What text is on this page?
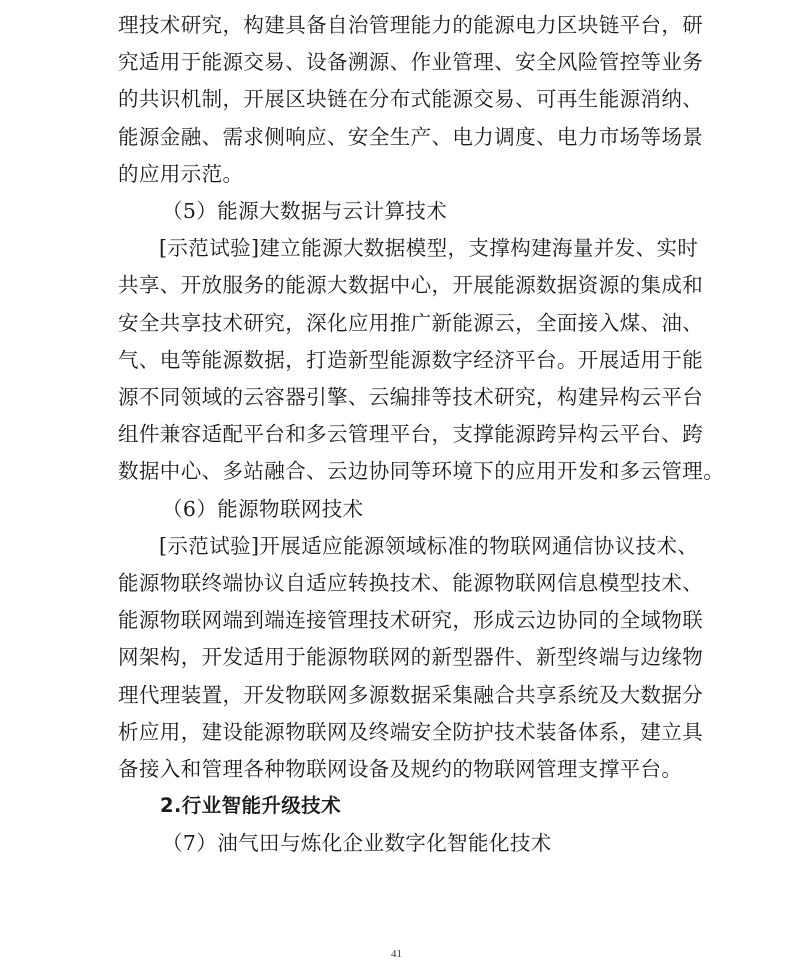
理技术研究，构建具备自治管理能力的能源电力区块链平台，研
究适用于能源交易、设备溯源、作业管理、安全风险管控等业务
的共识机制，开展区块链在分布式能源交易、可再生能源消纳、
能源金融、需求侧响应、安全生产、电力调度、电力市场等场景
的应用示范。
（5）能源大数据与云计算技术
[示范试验]建立能源大数据模型，支撑构建海量并发、实时
共享、开放服务的能源大数据中心，开展能源数据资源的集成和
安全共享技术研究，深化应用推广新能源云，全面接入煤、油、
气、电等能源数据，打造新型能源数字经济平台。开展适用于能
源不同领域的云容器引擎、云编排等技术研究，构建异构云平台
组件兼容适配平台和多云管理平台，支撑能源跨异构云平台、跨
数据中心、多站融合、云边协同等环境下的应用开发和多云管理。
（6）能源物联网技术
[示范试验]开展适应能源领域标准的物联网通信协议技术、
能源物联终端协议自适应转换技术、能源物联网信息模型技术、
能源物联网端到端连接管理技术研究，形成云边协同的全域物联
网架构，开发适用于能源物联网的新型器件、新型终端与边缘物
理代理装置，开发物联网多源数据采集融合共享系统及大数据分
析应用，建设能源物联网及终端安全防护技术装备体系，建立具
备接入和管理各种物联网设备及规约的物联网管理支撑平台。
41
2.行业智能升级技术
（7）油气田与炼化企业数字化智能化技术
